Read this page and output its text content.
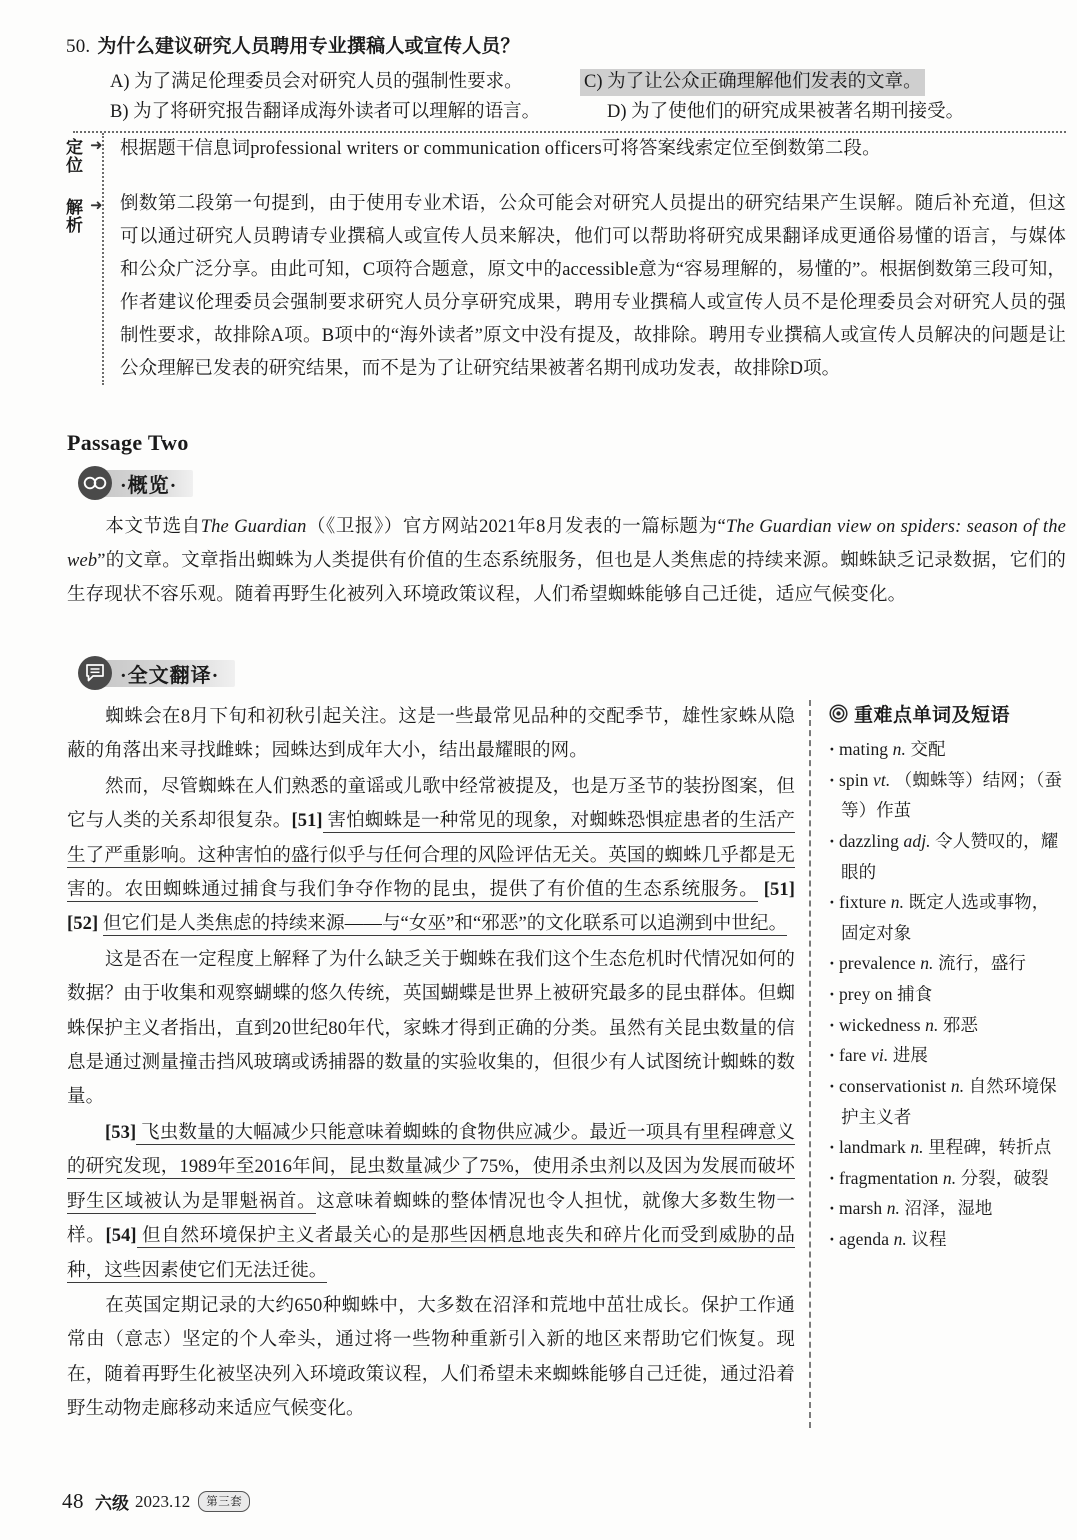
50. 为什么建议研究人员聘用专业撰稿人或宣传人员？
A) 为了满足伦理委员会对研究人员的强制性要求。	C) 为了让公众正确理解他们发表的文章。
B) 为了将研究报告翻译成海外读者可以理解的语言。	D) 为了使他们的研究成果被著名期刊接受。
定位
➜
解析
➜

根据题干信息词professional writers or communication officers可将答案线索定位至倒数第二段。

倒数第二段第一句提到，由于使用专业术语，公众可能会对研究人员提出的研究结果产生误解。随后补充道，但这可以通过研究人员聘请专业撰稿人或宣传人员来解决，他们可以帮助将研究成果翻译成更通俗易懂的语言，与媒体和公众广泛分享。由此可知，C项符合题意，原文中的accessible意为“容易理解的，易懂的”。根据倒数第三段可知，作者建议伦理委员会强制要求研究人员分享研究成果，聘用专业撰稿人或宣传人员不是伦理委员会对研究人员的强制性要求，故排除A项。B项中的“海外读者”原文中没有提及，故排除。聘用专业撰稿人或宣传人员解决的问题是让公众理解已发表的研究结果，而不是为了让研究结果被著名期刊成功发表，故排除D项。

Passage Two
·概览·
本文节选自The Guardian（《卫报》）官方网站2021年8月发表的一篇标题为“The Guardian view on spiders: season of the web”的文章。文章指出蜘蛛为人类提供有价值的生态系统服务，但也是人类焦虑的持续来源。蜘蛛缺乏记录数据，它们的生存现状不容乐观。随着再野生化被列入环境政策议程，人们希望蜘蛛能够自己迁徙，适应气候变化。
·全文翻译·

蜘蛛会在8月下旬和初秋引起关注。这是一些最常见品种的交配季节，雄性家蛛从隐蔽的角落出来寻找雌蛛；园蛛达到成年大小，结出最耀眼的网。

然而，尽管蜘蛛在人们熟悉的童谣或儿歌中经常被提及，也是万圣节的装扮图案，但它与人类的关系却很复杂。[51] 害怕蜘蛛是一种常见的现象，对蜘蛛恐惧症患者的生活产生了严重影响。这种害怕的盛行似乎与任何合理的风险评估无关。英国的蜘蛛几乎都是无害的。农田蜘蛛通过捕食与我们争夺作物的昆虫，提供了有价值的生态系统服务。 [51] [52] 但它们是人类焦虑的持续来源——与“女巫”和“邪恶”的文化联系可以追溯到中世纪。

这是否在一定程度上解释了为什么缺乏关于蜘蛛在我们这个生态危机时代情况如何的数据？由于收集和观察蝴蝶的悠久传统，英国蝴蝶是世界上被研究最多的昆虫群体。但蜘蛛保护主义者指出，直到20世纪80年代，家蛛才得到正确的分类。虽然有关昆虫数量的信息是通过测量撞击挡风玻璃或诱捕器的数量的实验收集的，但很少有人试图统计蜘蛛的数量。

[53] 飞虫数量的大幅减少只能意味着蜘蛛的食物供应减少。最近一项具有里程碑意义的研究发现，1989年至2016年间，昆虫数量减少了75%，使用杀虫剂以及因为发展而破坏野生区域被认为是罪魁祸首。这意味着蜘蛛的整体情况也令人担忧，就像大多数生物一样。[54] 但自然环境保护主义者最关心的是那些因栖息地丧失和碎片化而受到威胁的品种，这些因素使它们无法迁徙。

在英国定期记录的大约650种蜘蛛中，大多数在沼泽和荒地中茁壮成长。保护工作通常由（意志）坚定的个人牵头，通过将一些物种重新引入新的地区来帮助它们恢复。现在，随着再野生化被坚决列入环境政策议程，人们希望未来蜘蛛能够自己迁徙，通过沿着野生动物走廊移动来适应气候变化。

重难点单词及短语
· mating n. 交配
· spin vt. （蜘蛛等）结网；（蚕等）作茧
· dazzling adj. 令人赞叹的，耀眼的
· fixture n. 既定人选或事物，固定对象
· prevalence n. 流行，盛行
· prey on 捕食
· wickedness n. 邪恶
· fare vi. 进展
· conservationist n. 自然环境保护主义者
· landmark n. 里程碑，转折点
· fragmentation n. 分裂，破裂
· marsh n. 沼泽，湿地
· agenda n. 议程
48 六级 2023.12	第三套
